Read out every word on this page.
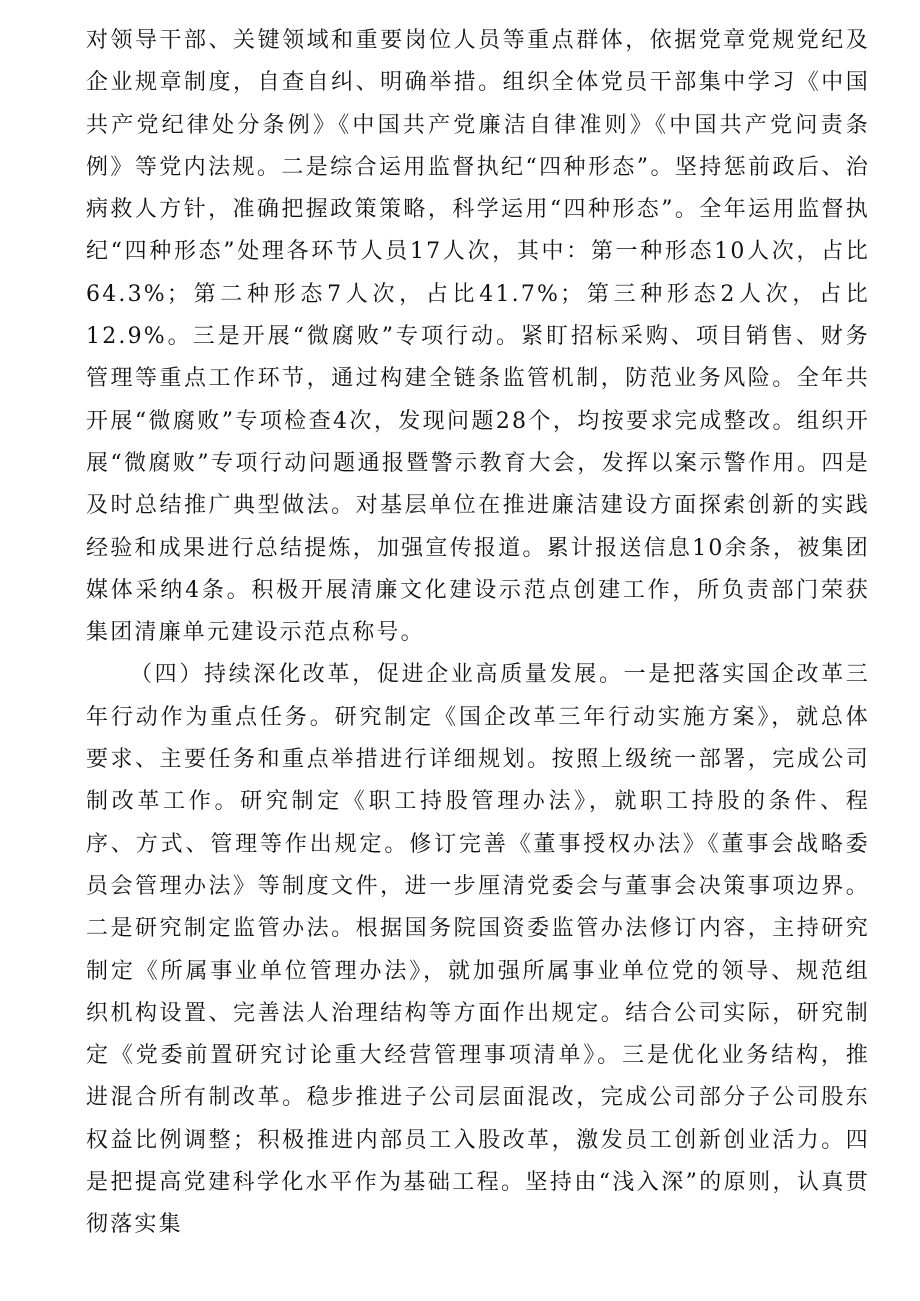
对领导干部、关键领域和重要岗位人员等重点群体，依据党章党规党纪及企业规章制度，自查自纠、明确举措。组织全体党员干部集中学习《中国共产党纪律处分条例》《中国共产党廉洁自律准则》《中国共产党问责条例》等党内法规。二是综合运用监督执纪“四种形态”。坚持惩前政后、治病救人方针，准确把握政策策略，科学运用“四种形态”。全年运用监督执纪“四种形态”处理各环节人员17人次，其中：第一种形态10人次，占比64.3%；第二种形态7人次，占比41.7%；第三种形态2人次，占比12.9%。三是开展“微腐败”专项行动。紧盯招标采购、项目销售、财务管理等重点工作环节，通过构建全链条监管机制，防范业务风险。全年共开展“微腐败”专项检查4次，发现问题28个，均按要求完成整改。组织开展“微腐败”专项行动问题通报暨警示教育大会，发挥以案示警作用。四是及时总结推广典型做法。对基层单位在推进廉洁建设方面探索创新的实践经验和成果进行总结提炼，加强宣传报道。累计报送信息10余条，被集团媒体采纳4条。积极开展清廉文化建设示范点创建工作，所负责部门荣获集团清廉单元建设示范点称号。

（四）持续深化改革，促进企业高质量发展。一是把落实国企改革三年行动作为重点任务。研究制定《国企改革三年行动实施方案》，就总体要求、主要任务和重点举措进行详细规划。按照上级统一部署，完成公司制改革工作。研究制定《职工持股管理办法》，就职工持股的条件、程序、方式、管理等作出规定。修订完善《董事授权办法》《董事会战略委员会管理办法》等制度文件，进一步厘清党委会与董事会决策事项边界。二是研究制定监管办法。根据国务院国资委监管办法修订内容，主持研究制定《所属事业单位管理办法》，就加强所属事业单位党的领导、规范组织机构设置、完善法人治理结构等方面作出规定。结合公司实际，研究制定《党委前置研究讨论重大经营管理事项清单》。三是优化业务结构，推进混合所有制改革。稳步推进子公司层面混改，完成公司部分子公司股东权益比例调整；积极推进内部员工入股改革，激发员工创新创业活力。四是把提高党建科学化水平作为基础工程。坚持由“浅入深”的原则，认真贯彻落实集
